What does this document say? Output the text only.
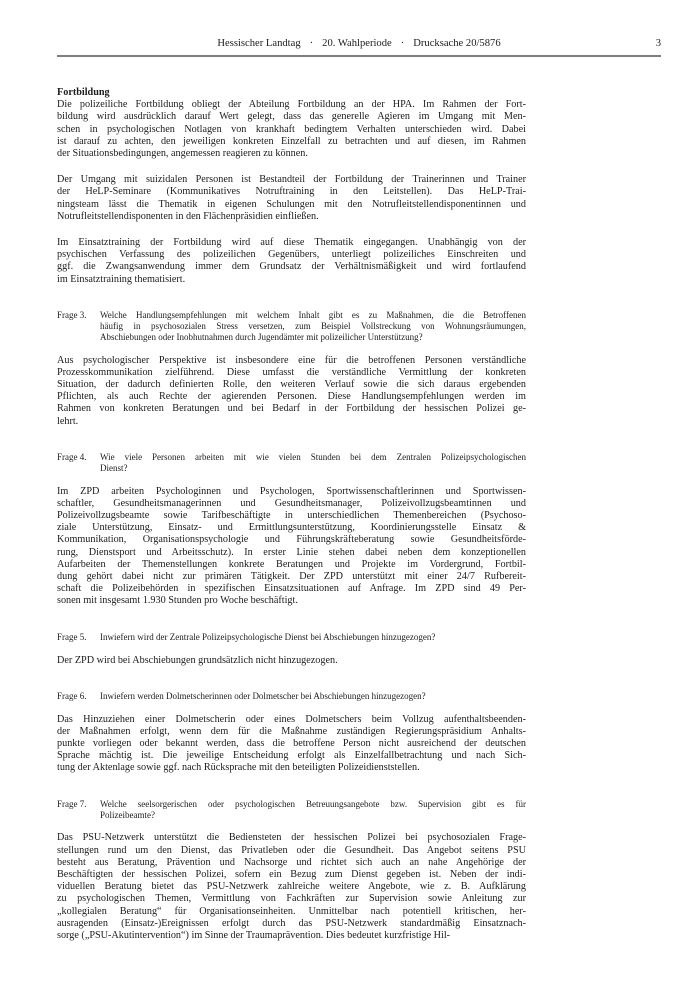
Hessischer Landtag · 20. Wahlperiode · Drucksache 20/5876	3
Fortbildung
Die polizeiliche Fortbildung obliegt der Abteilung Fortbildung an der HPA. Im Rahmen der Fort-
bildung wird ausdrücklich darauf Wert gelegt, dass das generelle Agieren im Umgang mit Men-
schen in psychologischen Notlagen von krankhaft bedingtem Verhalten unterschieden wird. Dabei
ist darauf zu achten, den jeweiligen konkreten Einzelfall zu betrachten und auf diesen, im Rahmen
der Situationsbedingungen, angemessen reagieren zu können.
Der Umgang mit suizidalen Personen ist Bestandteil der Fortbildung der Trainerinnen und Trainer
der HeLP-Seminare (Kommunikatives Notruftraining in den Leitstellen). Das HeLP-Trai-
ningsteam lässt die Thematik in eigenen Schulungen mit den Notrufleitstellendisponentinnen und
Notrufleitstellendisponenten in den Flächenpräsidien einfließen.
Im Einsatztraining der Fortbildung wird auf diese Thematik eingegangen. Unabhängig von der
psychischen Verfassung des polizeilichen Gegenübers, unterliegt polizeiliches Einschreiten und
ggf. die Zwangsanwendung immer dem Grundsatz der Verhältnismäßigkeit und wird fortlaufend
im Einsatztraining thematisiert.
Frage 3.	Welche Handlungsempfehlungen mit welchem Inhalt gibt es zu Maßnahmen, die die Betroffenen
häufig in psychosozialen Stress versetzen, zum Beispiel Vollstreckung von Wohnungsräumungen,
Abschiebungen oder Inobhutnahmen durch Jugendämter mit polizeilicher Unterstützung?
Aus psychologischer Perspektive ist insbesondere eine für die betroffenen Personen verständliche
Prozesskommunikation zielführend. Diese umfasst die verständliche Vermittlung der konkreten
Situation, der dadurch definierten Rolle, den weiteren Verlauf sowie die sich daraus ergebenden
Pflichten, als auch Rechte der agierenden Personen. Diese Handlungsempfehlungen werden im
Rahmen von konkreten Beratungen und bei Bedarf in der Fortbildung der hessischen Polizei ge-
lehrt.
Frage 4.	Wie viele Personen arbeiten mit wie vielen Stunden bei dem Zentralen Polizeipsychologischen
Dienst?
Im ZPD arbeiten Psychologinnen und Psychologen, Sportwissenschaftlerinnen und Sportwissen-
schaftler, Gesundheitsmanagerinnen und Gesundheitsmanager, Polizeivollzugsbeamtinnen und
Polizeivollzugsbeamte sowie Tarifbeschäftigte in unterschiedlichen Themenbereichen (Psychoso-
ziale Unterstützung, Einsatz- und Ermittlungsunterstützung, Koordinierungsstelle Einsatz &
Kommunikation, Organisationspsychologie und Führungskräfteberatung sowie Gesundheitsförde-
rung, Dienstsport und Arbeitsschutz). In erster Linie stehen dabei neben dem konzeptionellen
Aufarbeiten der Themenstellungen konkrete Beratungen und Projekte im Vordergrund, Fortbil-
dung gehört dabei nicht zur primären Tätigkeit. Der ZPD unterstützt mit einer 24/7 Rufbereit-
schaft die Polizeibehörden in spezifischen Einsatzsituationen auf Anfrage. Im ZPD sind 49 Per-
sonen mit insgesamt 1.930 Stunden pro Woche beschäftigt.
Frage 5.	Inwiefern wird der Zentrale Polizeipsychologische Dienst bei Abschiebungen hinzugezogen?
Der ZPD wird bei Abschiebungen grundsätzlich nicht hinzugezogen.
Frage 6.	Inwiefern werden Dolmetscherinnen oder Dolmetscher bei Abschiebungen hinzugezogen?
Das Hinzuziehen einer Dolmetscherin oder eines Dolmetschers beim Vollzug aufenthaltsbeenden-
der Maßnahmen erfolgt, wenn dem für die Maßnahme zuständigen Regierungspräsidium Anhalts-
punkte vorliegen oder bekannt werden, dass die betroffene Person nicht ausreichend der deutschen
Sprache mächtig ist. Die jeweilige Entscheidung erfolgt als Einzelfallbetrachtung und nach Sich-
tung der Aktenlage sowie ggf. nach Rücksprache mit den beteiligten Polizeidienststellen.
Frage 7.	Welche seelsorgerischen oder psychologischen Betreuungsangebote bzw. Supervision gibt es für
Polizeibeamte?
Das PSU-Netzwerk unterstützt die Bediensteten der hessischen Polizei bei psychosozialen Frage-
stellungen rund um den Dienst, das Privatleben oder die Gesundheit. Das Angebot seitens PSU
besteht aus Beratung, Prävention und Nachsorge und richtet sich auch an nahe Angehörige der
Beschäftigten der hessischen Polizei, sofern ein Bezug zum Dienst gegeben ist. Neben der indi-
viduellen Beratung bietet das PSU-Netzwerk zahlreiche weitere Angebote, wie z. B. Aufklärung
zu psychologischen Themen, Vermittlung von Fachkräften zur Supervision sowie Anleitung zur
„kollegialen Beratung“ für Organisationseinheiten. Unmittelbar nach potentiell kritischen, her-
ausragenden (Einsatz-)Ereignissen erfolgt durch das PSU-Netzwerk standardmäßig Einsatznach-
sorge („PSU-Akutintervention“) im Sinne der Traumaprävention. Dies bedeutet kurzfristige Hil-
